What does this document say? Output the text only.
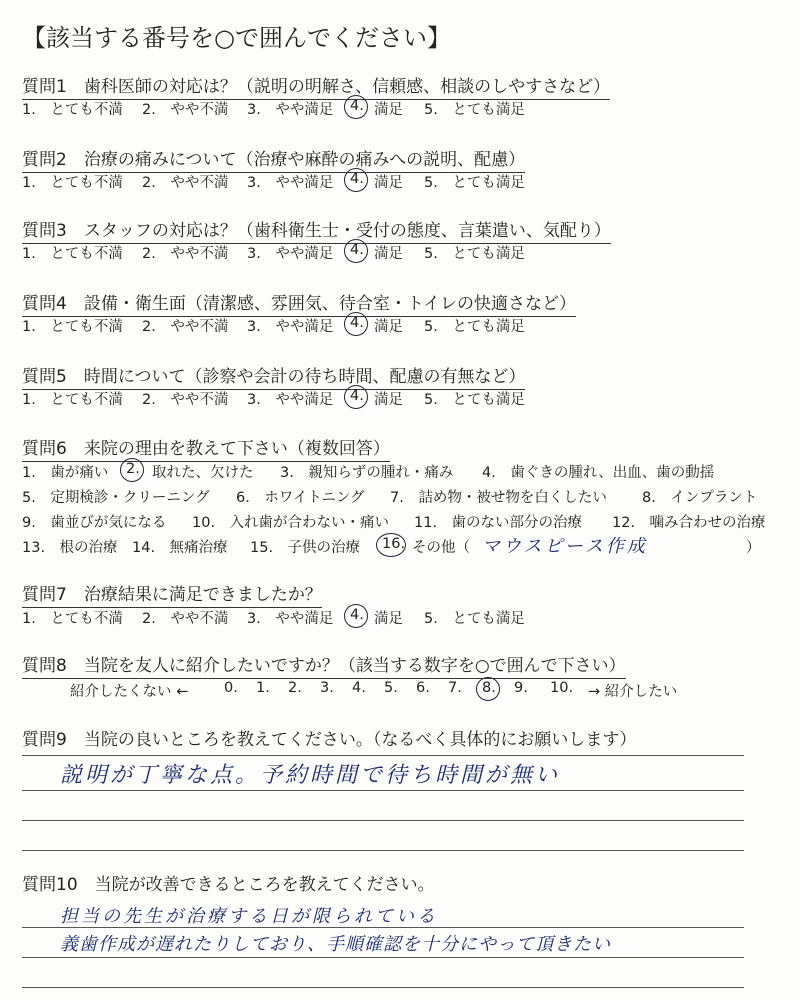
【該当する番号を○で囲んでください】
質問1　歯科医師の対応は？（説明の明解さ、信頼感、相談のしやすさなど）
1.　とても不満 2.　やや不満 3.　やや満足 4. 満足 5.　とても満足
質問2　治療の痛みについて（治療や麻酔の痛みへの説明、配慮）
1.　とても不満 2.　やや不満 3.　やや満足 4. 満足 5.　とても満足
質問3　スタッフの対応は？（歯科衛生士・受付の態度、言葉遣い、気配り）
1.　とても不満 2.　やや不満 3.　やや満足 4. 満足 5.　とても満足
質問4　設備・衛生面（清潔感、雰囲気、待合室・トイレの快適さなど）
1.　とても不満 2.　やや不満 3.　やや満足 4. 満足 5.　とても満足
質問5　時間について（診察や会計の待ち時間、配慮の有無など）
1.　とても不満 2.　やや不満 3.　やや満足 4. 満足 5.　とても満足
質問6　来院の理由を教えて下さい（複数回答）
1.　歯が痛い 2. 取れた、欠けた 3.　親知らずの腫れ・痛み 4.　歯ぐきの腫れ、出血、歯の動揺
5.　定期検診・クリーニング 6.　ホワイトニング 7.　詰め物・被せ物を白くしたい 8.　インプラント
9.　歯並びが気になる 10.　入れ歯が合わない・痛い 11.　歯のない部分の治療 12.　噛み合わせの治療
13.　根の治療 14.　無痛治療 15.　子供の治療 16. その他（ マウスピース作成	）
質問7　治療結果に満足できましたか？
1.　とても不満 2.　やや不満 3.　やや満足 4. 満足 5.　とても満足
質問8　当院を友人に紹介したいですか？（該当する数字を○で囲んで下さい）
紹介したくない ← 0. 1. 2. 3. 4. 5. 6. 7. 8. 9. 10. → 紹介したい
質問9　当院の良いところを教えてください。（なるべく具体的にお願いします）
説明が丁寧な点。予約時間で待ち時間が無い
質問10　当院が改善できるところを教えてください。
担当の先生が治療する日が限られている
義歯作成が遅れたりしており、手順確認を十分にやって頂きたい
